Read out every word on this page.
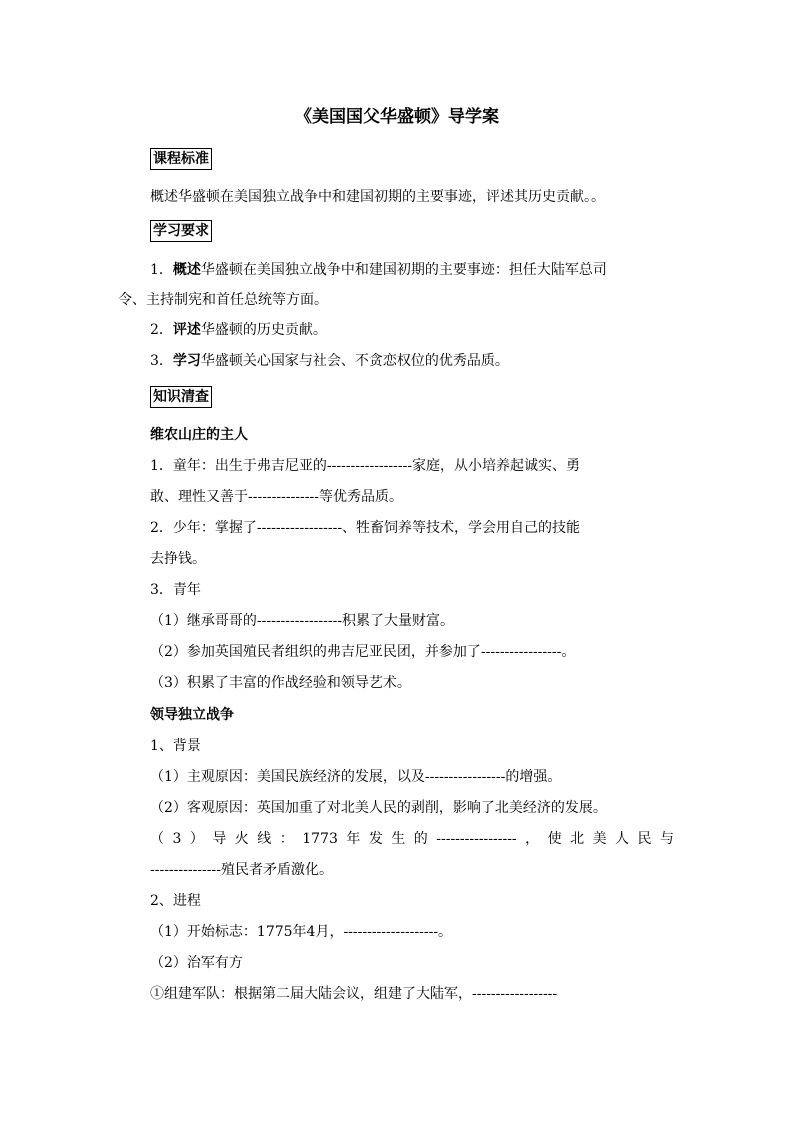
《美国国父华盛顿》导学案
课程标准
概述华盛顿在美国独立战争中和建国初期的主要事迹，评述其历史贡献。。
学习要求
1．概述华盛顿在美国独立战争中和建国初期的主要事迹：担任大陆军总司
令、主持制宪和首任总统等方面。
2．评述华盛顿的历史贡献。
3．学习华盛顿关心国家与社会、不贪恋权位的优秀品质。
知识清查
维农山庄的主人
1．童年：出生于弗吉尼亚的------------------家庭，从小培养起诚实、勇
敢、理性又善于---------------等优秀品质。
2．少年：掌握了------------------、牲畜饲养等技术，学会用自己的技能
去挣钱。
3．青年
（1）继承哥哥的------------------积累了大量财富。
（2）参加英国殖民者组织的弗吉尼亚民团，并参加了-----------------。
（3）积累了丰富的作战经验和领导艺术。
领导独立战争
1、背景
（1）主观原因：美国民族经济的发展，以及-----------------的增强。
（2）客观原因：英国加重了对北美人民的剥削，影响了北美经济的发展。
（3）导火线：1773年发生的-----------------，使北美人民与
---------------殖民者矛盾激化。
2、进程
（1）开始标志：1775年4月，--------------------。
（2）治军有方
①组建军队：根据第二届大陆会议，组建了大陆军，------------------
